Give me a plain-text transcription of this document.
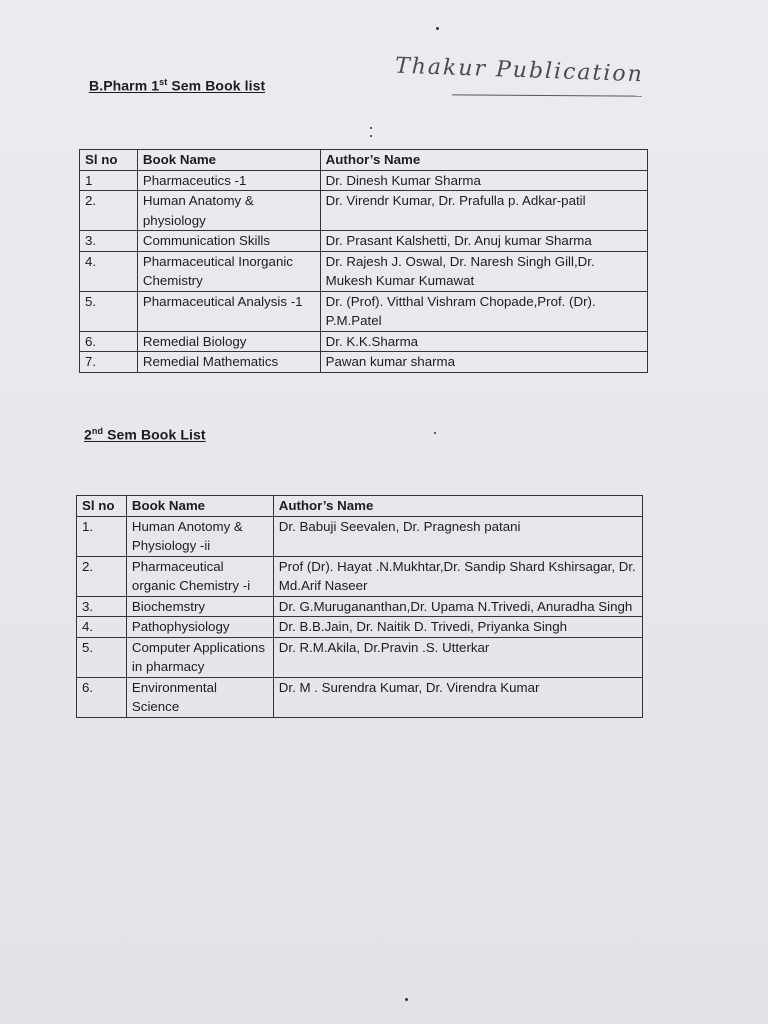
Thakur Publication
B.Pharm 1st Sem Book list
Sl no	Book Name	Author’s Name
1	Pharmaceutics -1	Dr. Dinesh Kumar Sharma
2.	Human Anatomy & physiology	Dr. Virendr Kumar, Dr. Prafulla p. Adkar-patil
3.	Communication Skills	Dr. Prasant Kalshetti, Dr. Anuj kumar Sharma
4.	Pharmaceutical Inorganic Chemistry	Dr. Rajesh J. Oswal, Dr. Naresh Singh Gill,Dr. Mukesh Kumar Kumawat
5.	Pharmaceutical Analysis -1	Dr. (Prof). Vitthal Vishram Chopade,Prof. (Dr). P.M.Patel
6.	Remedial Biology	Dr. K.K.Sharma
7.	Remedial Mathematics	Pawan kumar sharma
2nd Sem Book List
Sl no	Book Name	Author’s Name
1.	Human Anotomy & Physiology -ii	Dr. Babuji Seevalen, Dr. Pragnesh patani
2.	Pharmaceutical organic Chemistry -i	Prof (Dr). Hayat .N.Mukhtar,Dr. Sandip Shard Kshirsagar, Dr. Md.Arif Naseer
3.	Biochemstry	Dr. G.Murugananthan,Dr. Upama N.Trivedi, Anuradha Singh
4.	Pathophysiology	Dr. B.B.Jain, Dr. Naitik D. Trivedi, Priyanka Singh
5.	Computer Applications in pharmacy	Dr. R.M.Akila, Dr.Pravin .S. Utterkar
6.	Environmental Science	Dr. M . Surendra Kumar, Dr. Virendra Kumar
